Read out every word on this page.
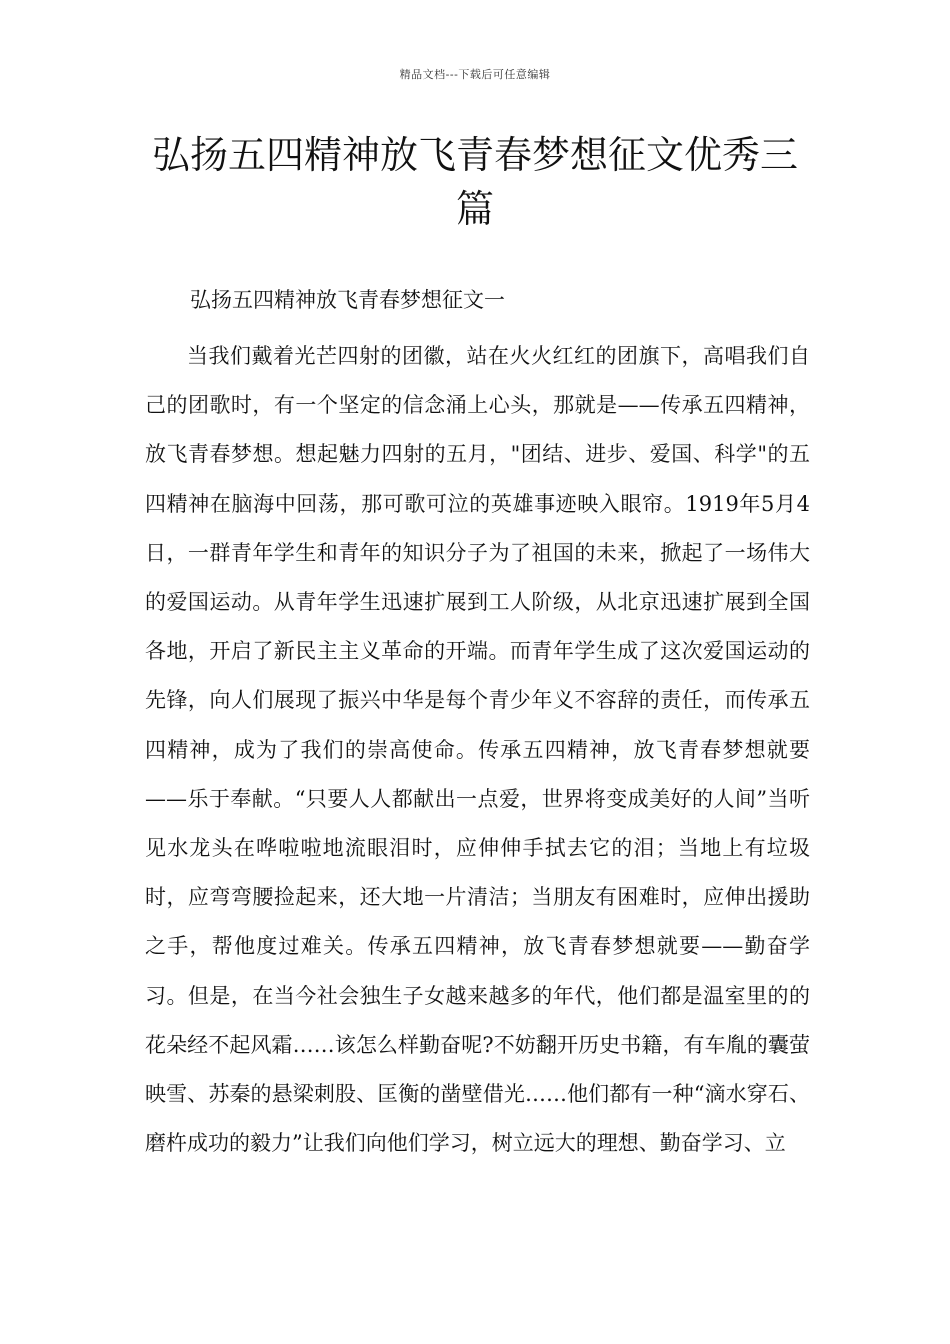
精品文档---下载后可任意编辑
弘扬五四精神放飞青春梦想征文优秀三篇

弘扬五四精神放飞青春梦想征文一

当我们戴着光芒四射的团徽，站在火火红红的团旗下，高唱我们自己的团歌时，有一个坚定的信念涌上心头，那就是——传承五四精神，放飞青春梦想。想起魅力四射的五月，"团结、进步、爱国、科学"的五四精神在脑海中回荡，那可歌可泣的英雄事迹映入眼帘。1919年5月4日，一群青年学生和青年的知识分子为了祖国的未来，掀起了一场伟大的爱国运动。从青年学生迅速扩展到工人阶级，从北京迅速扩展到全国各地，开启了新民主主义革命的开端。而青年学生成了这次爱国运动的先锋，向人们展现了振兴中华是每个青少年义不容辞的责任，而传承五四精神，成为了我们的崇高使命。传承五四精神，放飞青春梦想就要——乐于奉献。“只要人人都献出一点爱，世界将变成美好的人间”当听见水龙头在哗啦啦地流眼泪时，应伸伸手拭去它的泪；当地上有垃圾时，应弯弯腰捡起来，还大地一片清洁；当朋友有困难时，应伸出援助之手，帮他度过难关。传承五四精神，放飞青春梦想就要——勤奋学习。但是，在当今社会独生子女越来越多的年代，他们都是温室里的的花朵经不起风霜……该怎么样勤奋呢?不妨翻开历史书籍，有车胤的囊萤映雪、苏秦的悬梁刺股、匡衡的凿壁借光……他们都有一种“滴水穿石、磨杵成功的毅力”让我们向他们学习，树立远大的理想、勤奋学习、立
